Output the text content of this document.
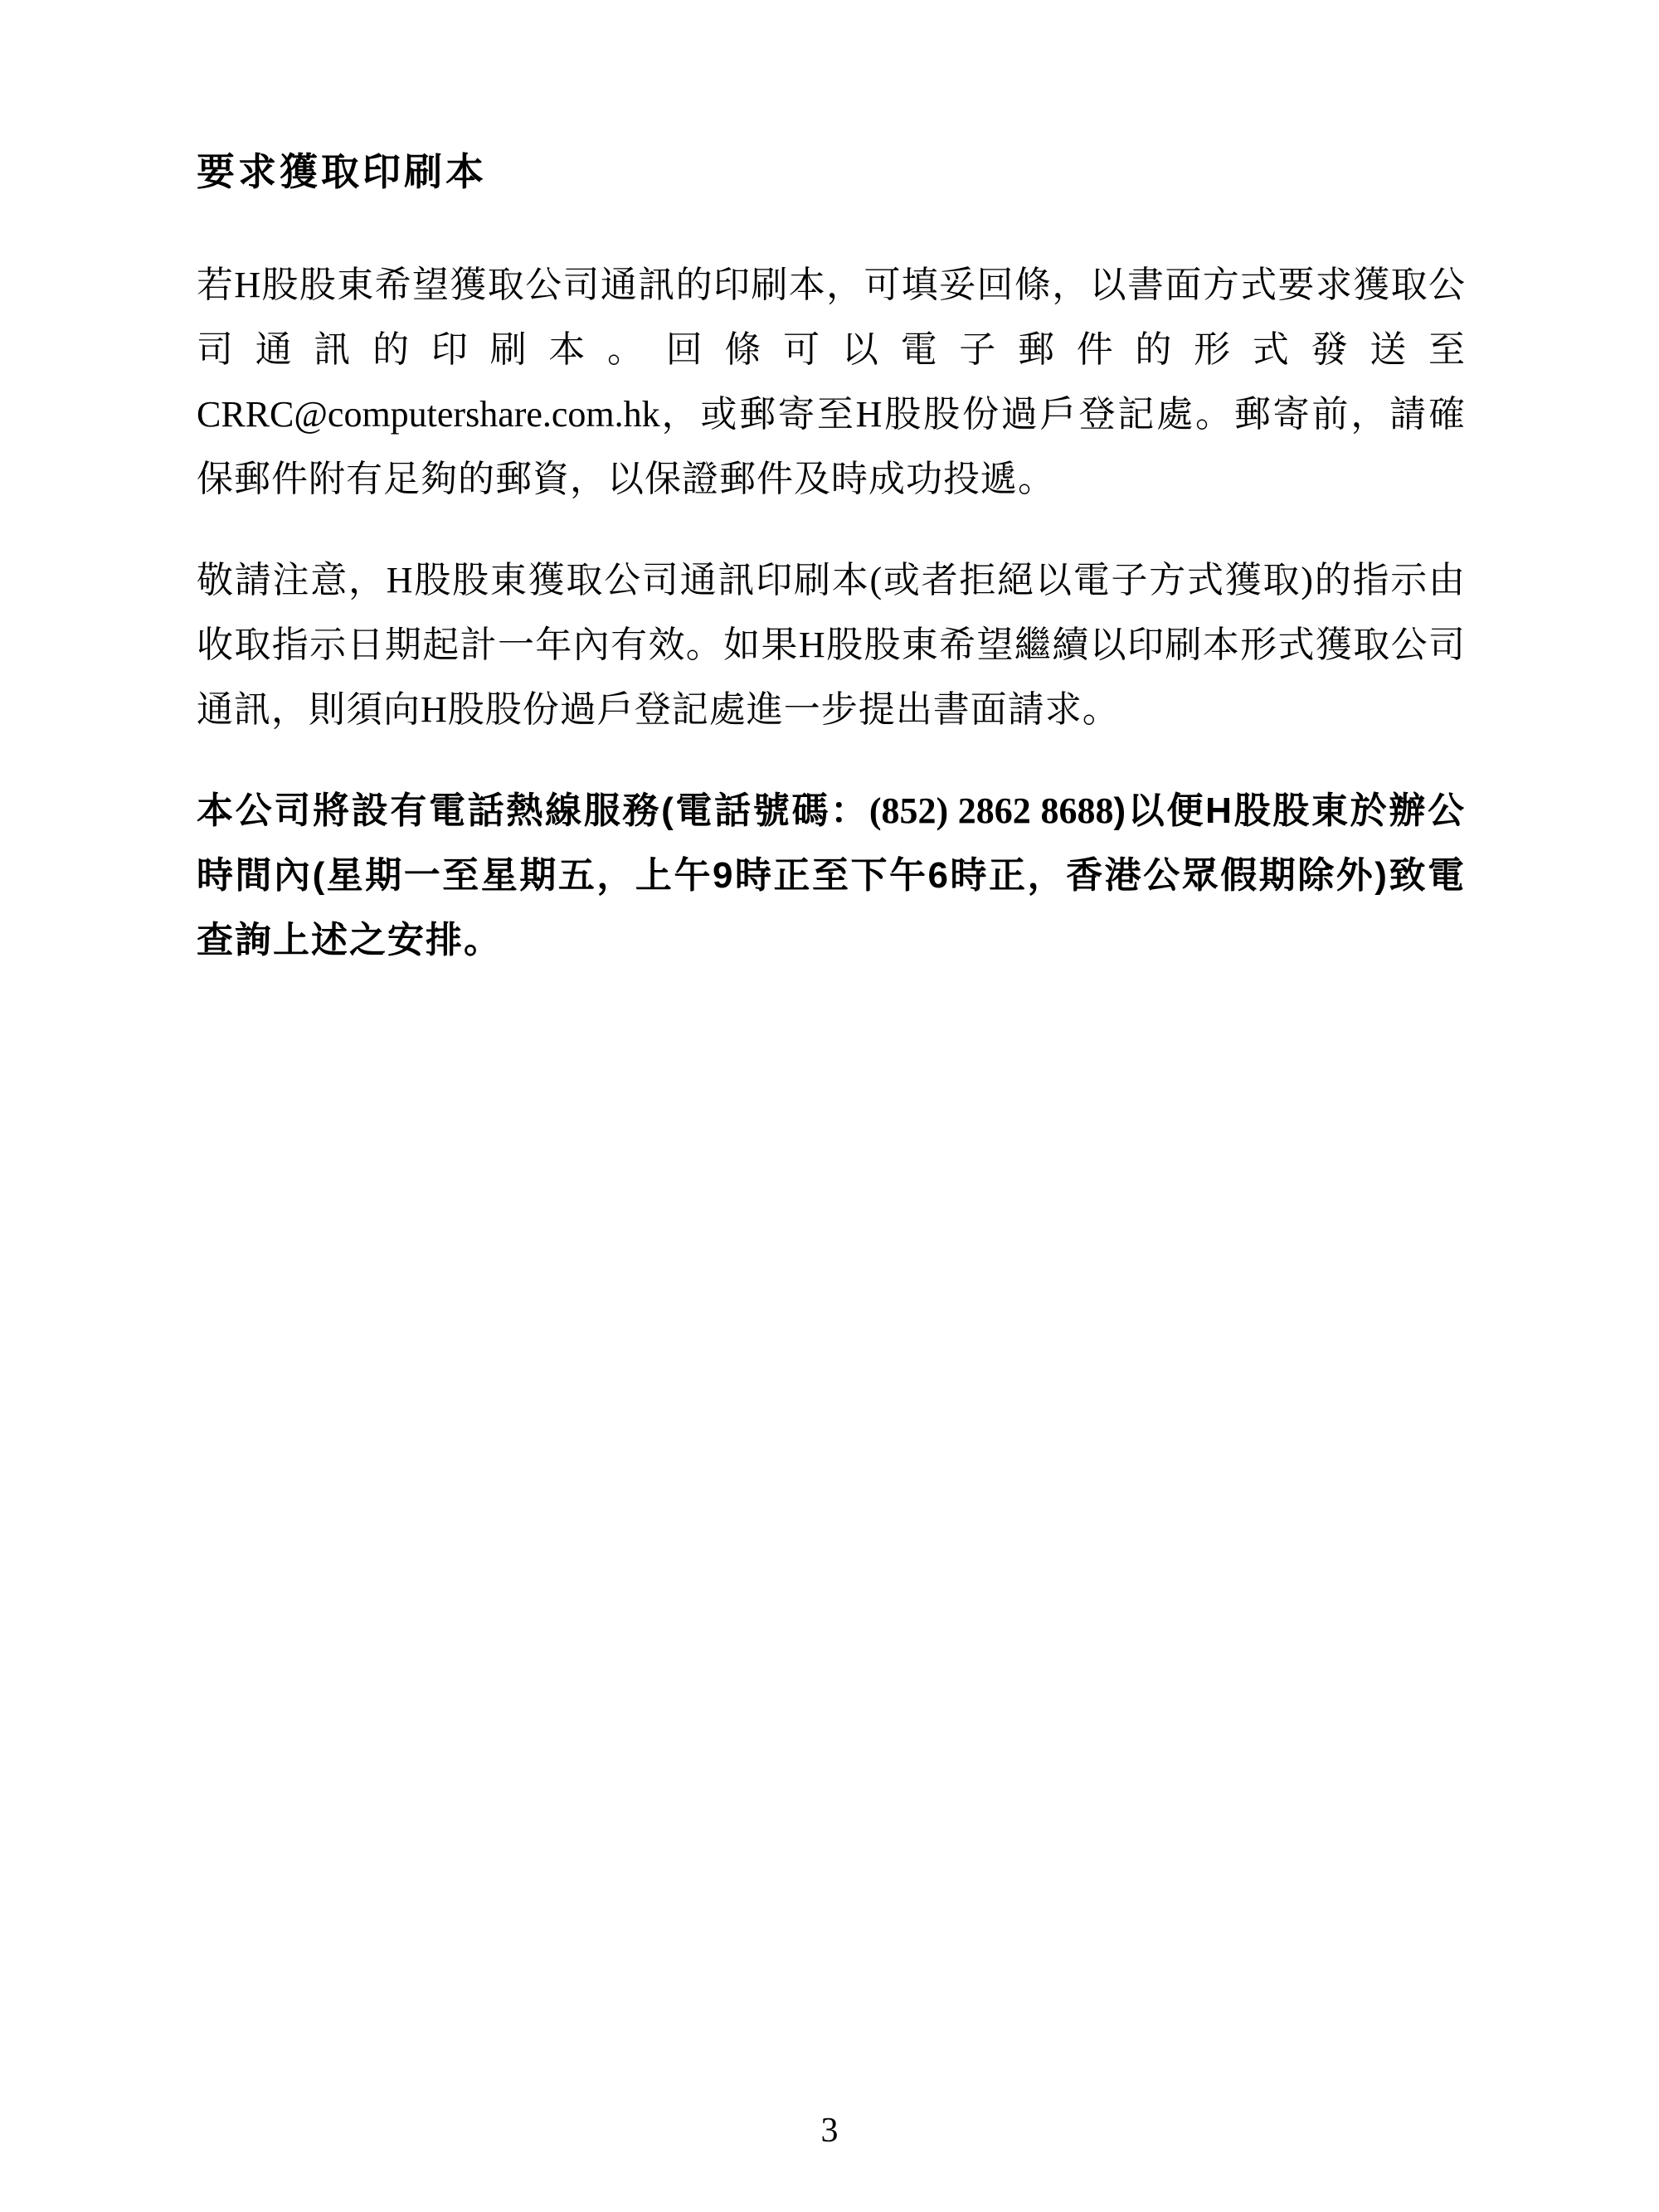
要求獲取印刷本

若H股股東希望獲取公司通訊的印刷本，可填妥回條，以書面方式要求獲取公司通訊的印刷本。回條可以電子郵件的形式發送至 CRRC@computershare.com.hk，或郵寄至H股股份過戶登記處。郵寄前，請確保郵件附有足夠的郵資，以保證郵件及時成功投遞。

敬請注意，H股股東獲取公司通訊印刷本(或者拒絕以電子方式獲取)的指示由收取指示日期起計一年內有效。如果H股股東希望繼續以印刷本形式獲取公司通訊，則須向H股股份過戶登記處進一步提出書面請求。

本公司將設有電話熱線服務(電話號碼：(852) 2862 8688)以便H股股東於辦公時間內(星期一至星期五，上午9時正至下午6時正，香港公眾假期除外)致電查詢上述之安排。

3
